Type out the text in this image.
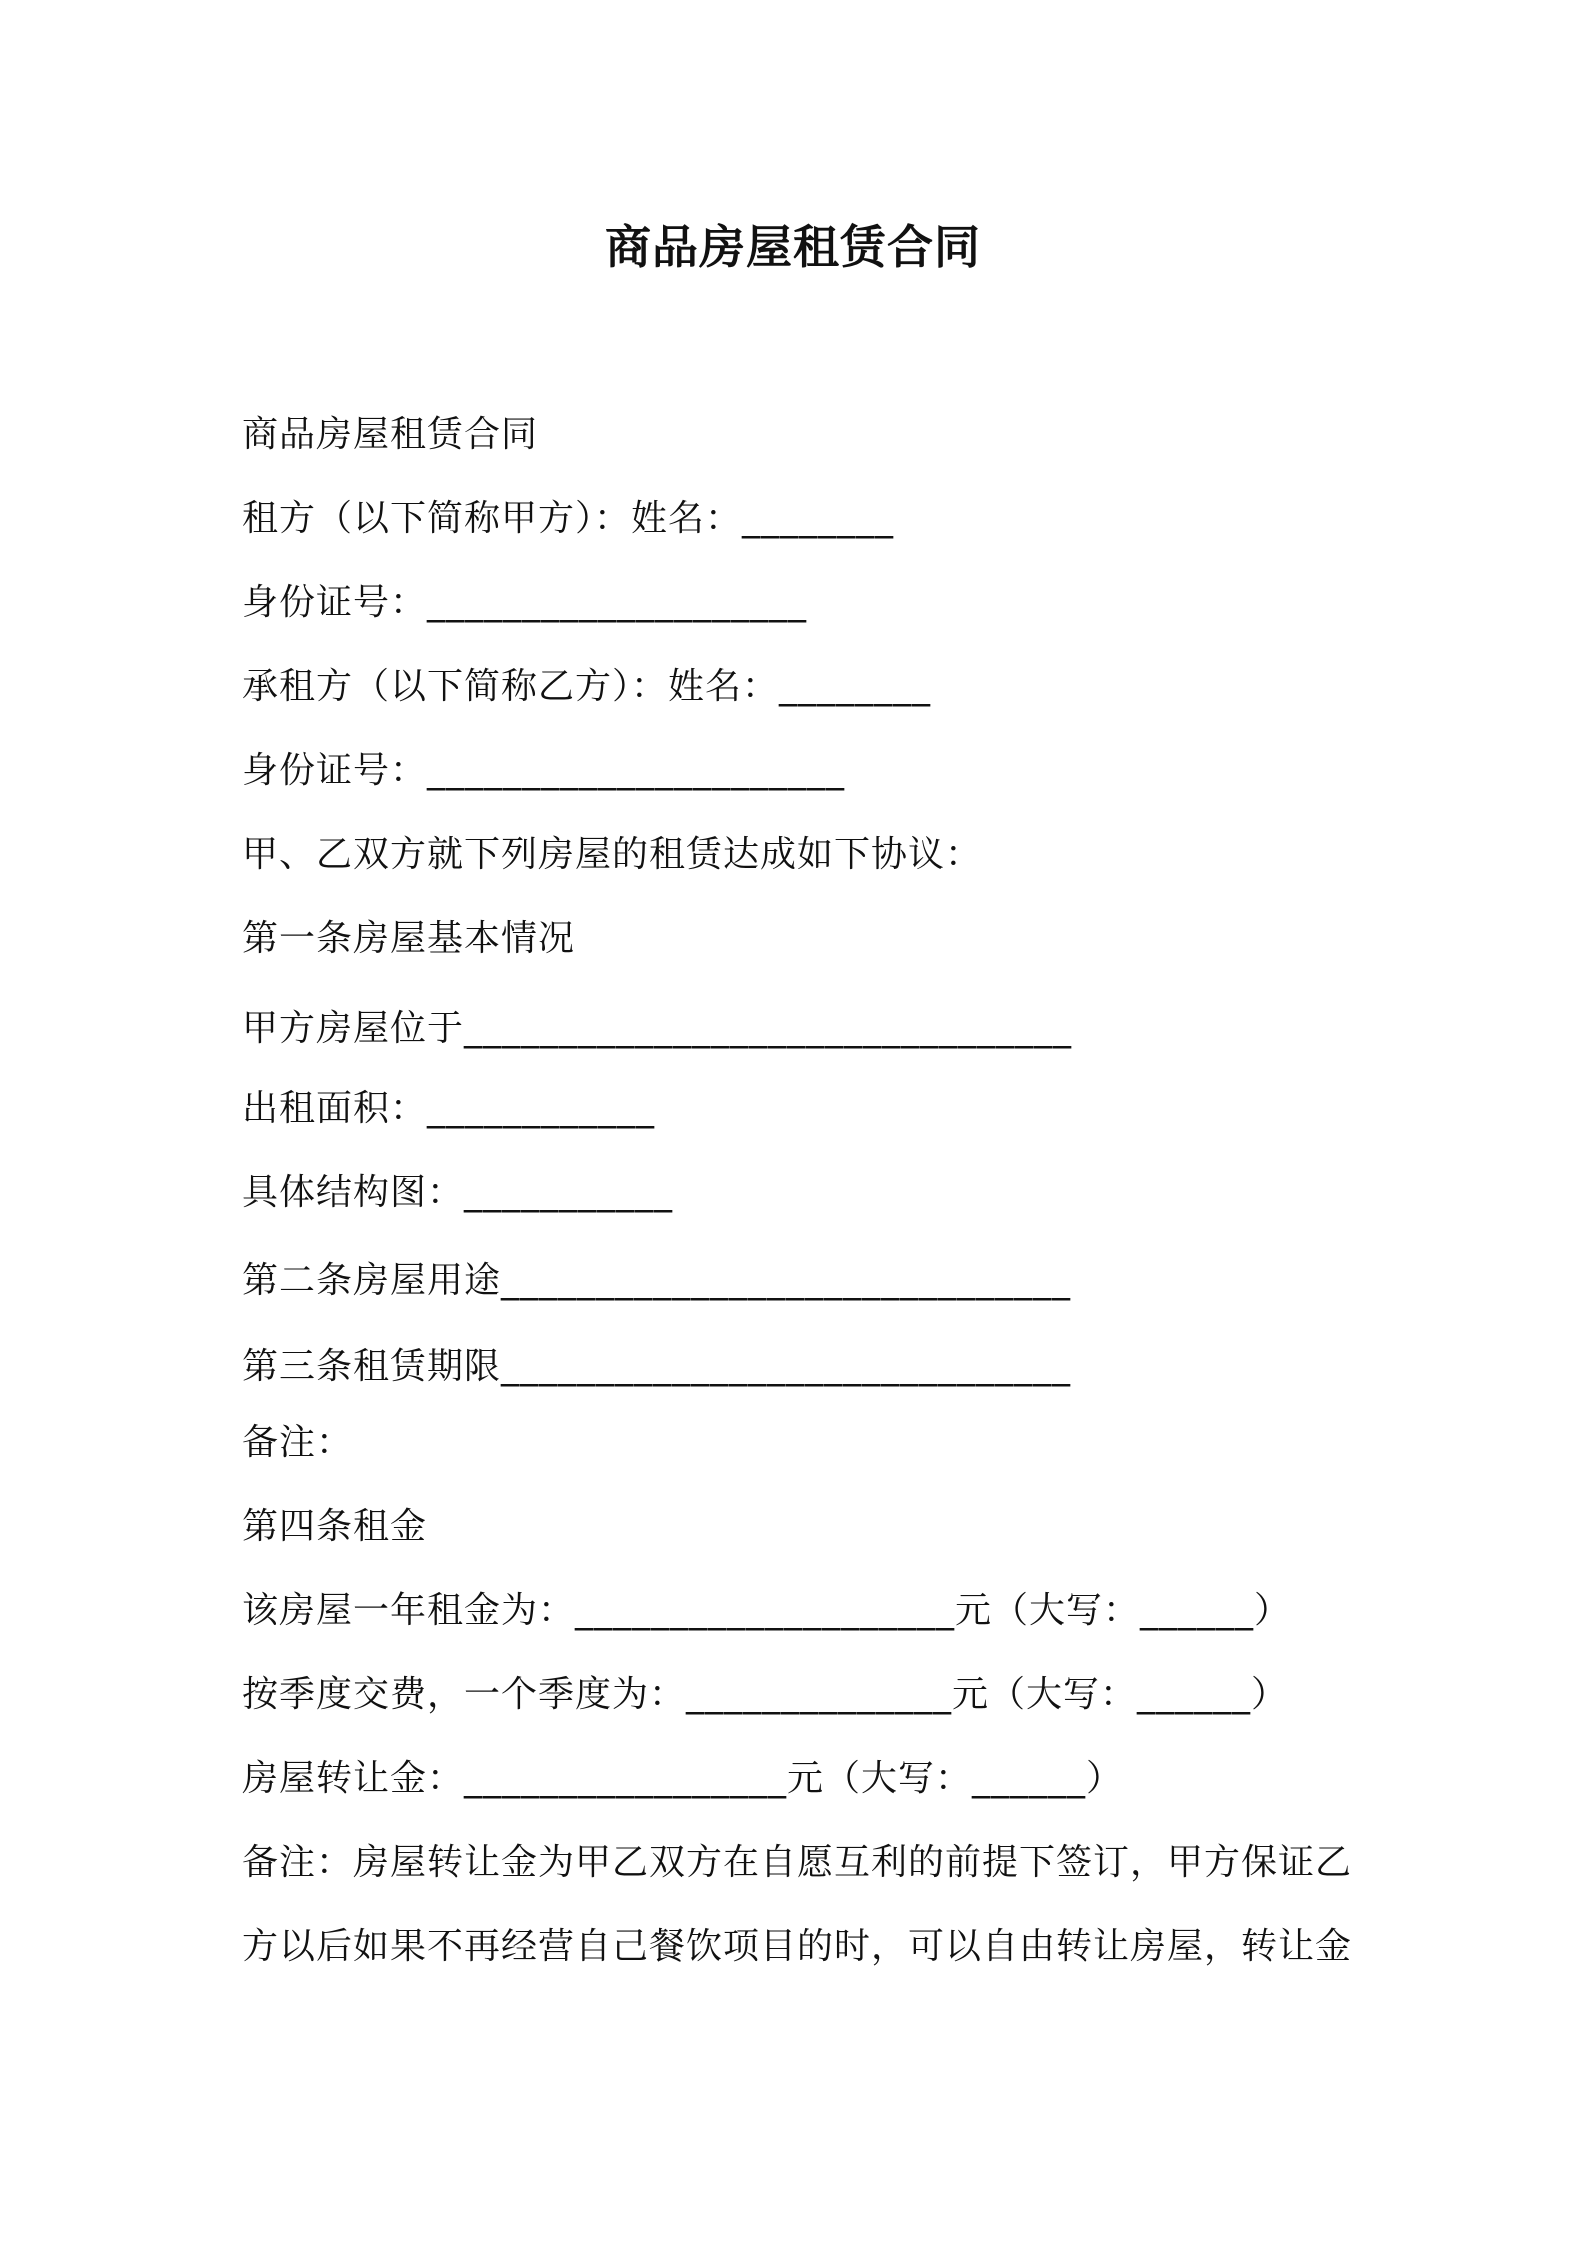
商品房屋租赁合同
商品房屋租赁合同
租方（以下简称甲方）：姓名：________
身份证号：____________________
承租方（以下简称乙方）：姓名：________
身份证号：______________________
甲、乙双方就下列房屋的租赁达成如下协议：
第一条房屋基本情况
甲方房屋位于________________________________
出租面积：____________
具体结构图：___________
第二条房屋用途______________________________
第三条租赁期限______________________________
备注：
第四条租金
该房屋一年租金为：____________________元（大写：______）
按季度交费，一个季度为：______________元（大写：______）
房屋转让金：_________________元（大写：______）
备注：房屋转让金为甲乙双方在自愿互利的前提下签订，甲方保证乙
方以后如果不再经营自己餐饮项目的时，可以自由转让房屋，转让金
